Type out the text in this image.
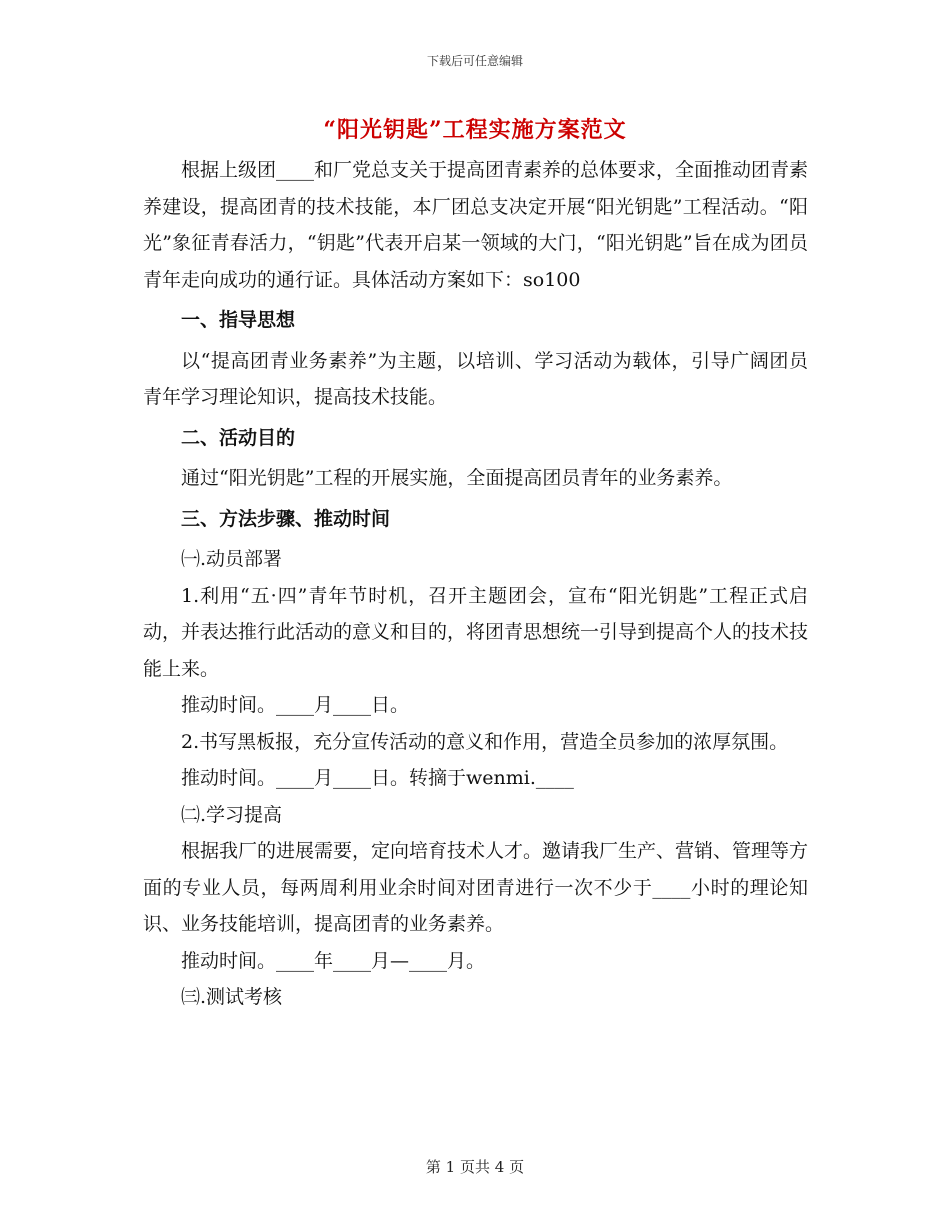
下载后可任意编辑
“阳光钥匙”工程实施方案范文

根据上级团____和厂党总支关于提高团青素养的总体要求，全面推动团青素养建设，提高团青的技术技能，本厂团总支决定开展“阳光钥匙”工程活动。“阳光”象征青春活力，“钥匙”代表开启某一领域的大门，“阳光钥匙”旨在成为团员青年走向成功的通行证。具体活动方案如下：so100

一、指导思想

以“提高团青业务素养”为主题，以培训、学习活动为载体，引导广阔团员青年学习理论知识，提高技术技能。

二、活动目的

通过“阳光钥匙”工程的开展实施，全面提高团员青年的业务素养。

三、方法步骤、推动时间

㈠.动员部署

1.利用“五·四”青年节时机，召开主题团会，宣布“阳光钥匙”工程正式启动，并表达推行此活动的意义和目的，将团青思想统一引导到提高个人的技术技能上来。

推动时间。____月____日。

2.书写黑板报，充分宣传活动的意义和作用，营造全员参加的浓厚氛围。

推动时间。____月____日。转摘于wenmi.____

㈡.学习提高

根据我厂的进展需要，定向培育技术人才。邀请我厂生产、营销、管理等方面的专业人员，每两周利用业余时间对团青进行一次不少于____小时的理论知识、业务技能培训，提高团青的业务素养。

推动时间。____年____月—____月。

㈢.测试考核

第 1 页共 4 页
